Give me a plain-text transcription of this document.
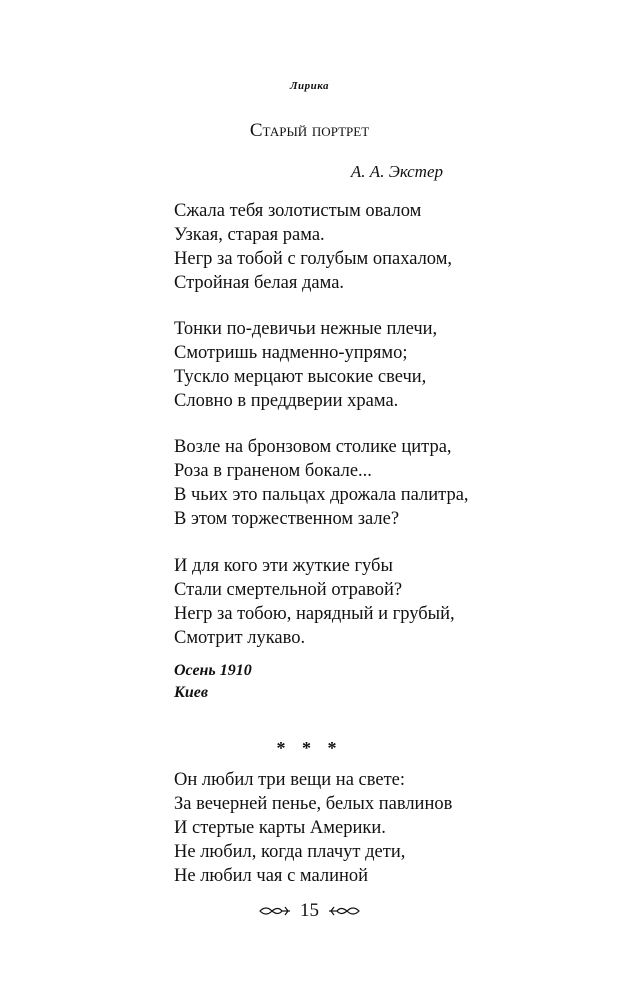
Лирика
Старый портрет
А. А. Экстер
Сжала тебя золотистым овалом
Узкая, старая рама.
Негр за тобой с голубым опахалом,
Стройная белая дама.
Тонки по-девичьи нежные плечи,
Смотришь надменно-упрямо;
Тускло мерцают высокие свечи,
Словно в преддверии храма.
Возле на бронзовом столике цитра,
Роза в граненом бокале...
В чьих это пальцах дрожала палитра,
В этом торжественном зале?
И для кого эти жуткие губы
Стали смертельной отравой?
Негр за тобою, нарядный и грубый,
Смотрит лукаво.
Осень 1910
Киев
* * *
Он любил три вещи на свете:
За вечерней пенье, белых павлинов
И стертые карты Америки.
Не любил, когда плачут дети,
Не любил чая с малиной
15
